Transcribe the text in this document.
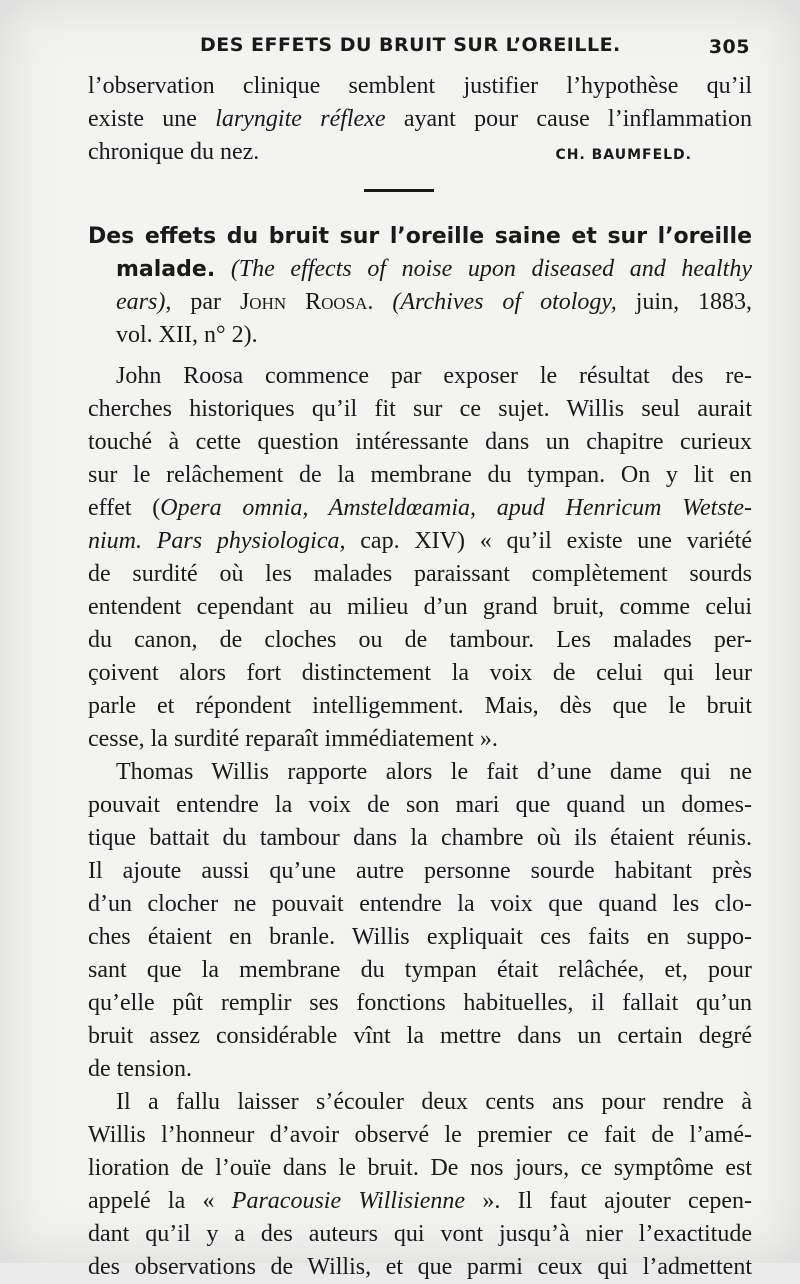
DES EFFETS DU BRUIT SUR L’OREILLE.	305
l’observation clinique semblent justifier l’hypothèse qu’il
existe une laryngite réflexe ayant pour cause l’inflammation
chronique du nez.	CH. BAUMFELD.
Des effets du bruit sur l’oreille saine et sur l’oreille
malade. (The effects of noise upon diseased and healthy
ears), par John Roosa. (Archives of otology, juin, 1883,
vol. XII, n° 2).
John Roosa commence par exposer le résultat des re-
cherches historiques qu’il fit sur ce sujet. Willis seul aurait
touché à cette question intéressante dans un chapitre curieux
sur le relâchement de la membrane du tympan. On y lit en
effet (Opera omnia, Amsteldœamia, apud Henricum Wetste-
nium. Pars physiologica, cap. XIV) « qu’il existe une variété
de surdité où les malades paraissant complètement sourds
entendent cependant au milieu d’un grand bruit, comme celui
du canon, de cloches ou de tambour. Les malades per-
çoivent alors fort distinctement la voix de celui qui leur
parle et répondent intelligemment. Mais, dès que le bruit
cesse, la surdité reparaît immédiatement ».
Thomas Willis rapporte alors le fait d’une dame qui ne
pouvait entendre la voix de son mari que quand un domes-
tique battait du tambour dans la chambre où ils étaient réunis.
Il ajoute aussi qu’une autre personne sourde habitant près
d’un clocher ne pouvait entendre la voix que quand les clo-
ches étaient en branle. Willis expliquait ces faits en suppo-
sant que la membrane du tympan était relâchée, et, pour
qu’elle pût remplir ses fonctions habituelles, il fallait qu’un
bruit assez considérable vînt la mettre dans un certain degré
de tension.
Il a fallu laisser s’écouler deux cents ans pour rendre à
Willis l’honneur d’avoir observé le premier ce fait de l’amé-
lioration de l’ouïe dans le bruit. De nos jours, ce symptôme est
appelé la « Paracousie Willisienne ». Il faut ajouter cepen-
dant qu’il y a des auteurs qui vont jusqu’à nier l’exactitude
des observations de Willis, et que parmi ceux qui l’admettent
